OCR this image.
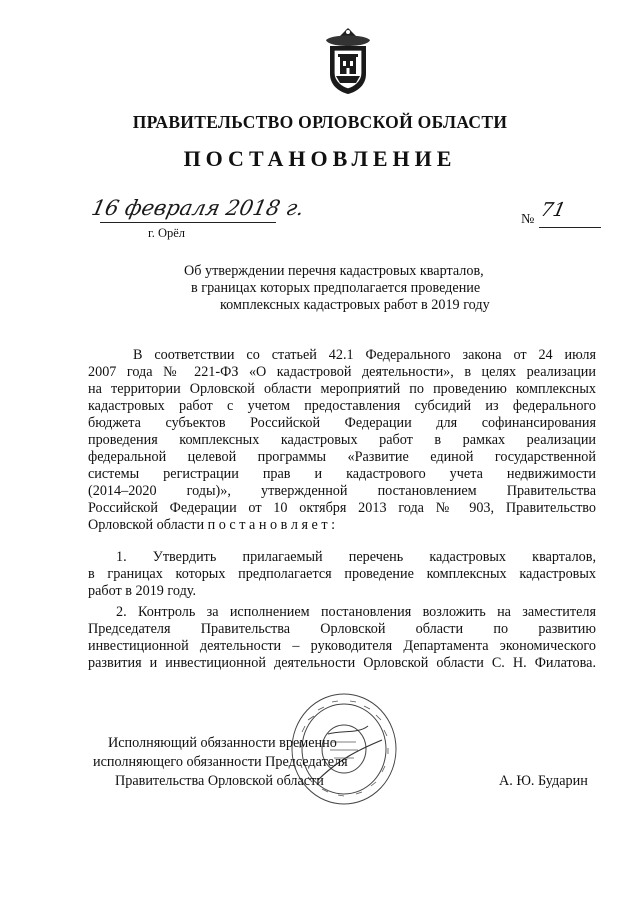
ПРАВИТЕЛЬСТВО ОРЛОВСКОЙ ОБЛАСТИ
ПОСТАНОВЛЕНИЕ
16 февраля 2018 г.
г. Орёл
№ 71
Об утверждении перечня кадастровых кварталов,
в границах которых предполагается проведение
комплексных кадастровых работ в 2019 году
В соответствии со статьей 42.1 Федерального закона от 24 июля
2007 года № 221-ФЗ «О кадастровой деятельности», в целях реализации
на территории Орловской области мероприятий по проведению комплексных
кадастровых работ с учетом предоставления субсидий из федерального
бюджета субъектов Российской Федерации для софинансирования
проведения комплексных кадастровых работ в рамках реализации
федеральной целевой программы «Развитие единой государственной
системы регистрации прав и кадастрового учета недвижимости
(2014–2020 годы)», утвержденной постановлением Правительства
Российской Федерации от 10 октября 2013 года № 903, Правительство
Орловской области п о с т а н о в л я е т :
1. Утвердить прилагаемый перечень кадастровых кварталов,
в границах которых предполагается проведение комплексных кадастровых
работ в 2019 году.
2. Контроль за исполнением постановления возложить на заместителя
Председателя Правительства Орловской области по развитию
инвестиционной деятельности – руководителя Департамента экономического
развития и инвестиционной деятельности Орловской области С. Н. Филатова.
Исполняющий обязанности временно
исполняющего обязанности Председателя
Правительства Орловской области	А. Ю. Бударин
